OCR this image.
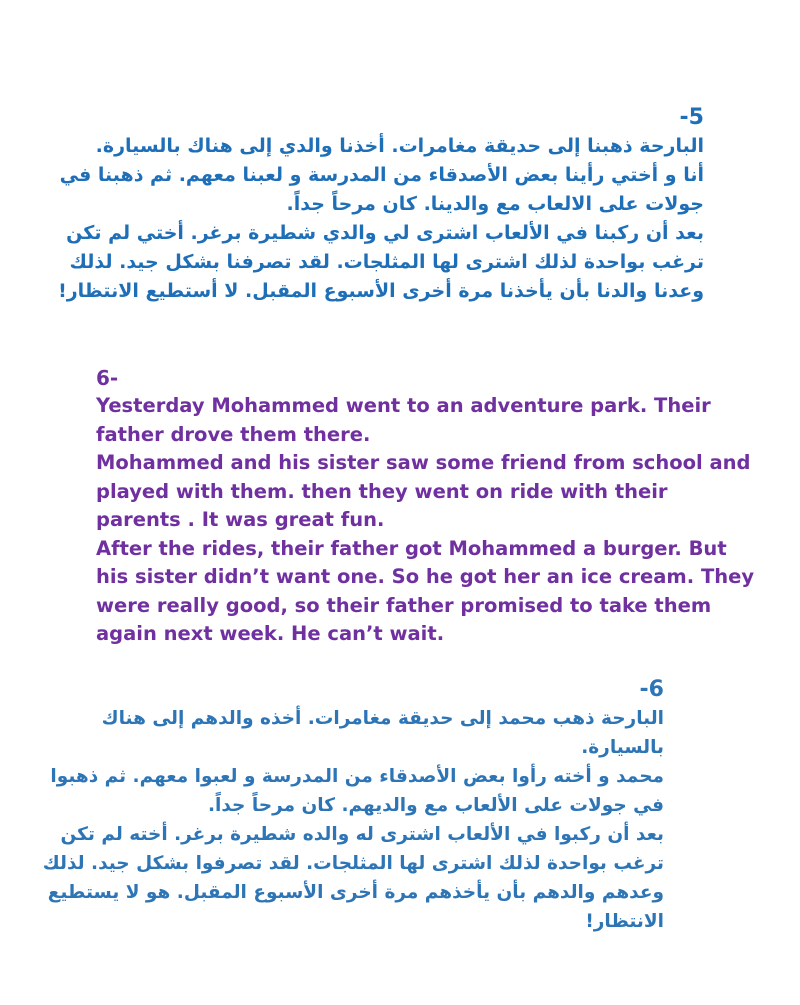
-5

البارحة ذهبنا إلى حديقة مغامرات. أخذنا والدي إلى هناك بالسيارة.

أنا و أختي رأينا بعض الأصدقاء من المدرسة و لعبنا معهم. ثم ذهبنا في

جولات على الالعاب مع والدينا. كان مرحاً جداً.

بعد أن ركبنا في الألعاب اشترى لي والدي شطيرة برغر. أختي لم تكن

ترغب بواحدة لذلك اشترى لها المثلجات. لقد تصرفنا بشكل جيد. لذلك

وعدنا والدنا بأن يأخذنا مرة أخرى الأسبوع المقبل. لا أستطيع الانتظار!

6-

Yesterday Mohammed went to an adventure park. Their

father drove them there.

Mohammed and his sister saw some friend from school and

played with them. then they went on ride with their

parents . It was great fun.

After the rides, their father got Mohammed a burger. But

his sister didn’t want one. So he got her an ice cream. They

were really good, so their father promised to take them

again next week. He can’t wait.

-6

البارحة ذهب محمد إلى حديقة مغامرات. أخذه والدهم إلى هناك

بالسيارة.

محمد و أخته رأوا بعض الأصدقاء من المدرسة و لعبوا معهم. ثم ذهبوا

في جولات على الألعاب مع والديهم. كان مرحاً جداً.

بعد أن ركبوا في الألعاب اشترى له والده شطيرة برغر. أخته لم تكن

ترغب بواحدة لذلك اشترى لها المثلجات. لقد تصرفوا بشكل جيد. لذلك

وعدهم والدهم بأن يأخذهم مرة أخرى الأسبوع المقبل. هو لا يستطيع

الانتظار!
